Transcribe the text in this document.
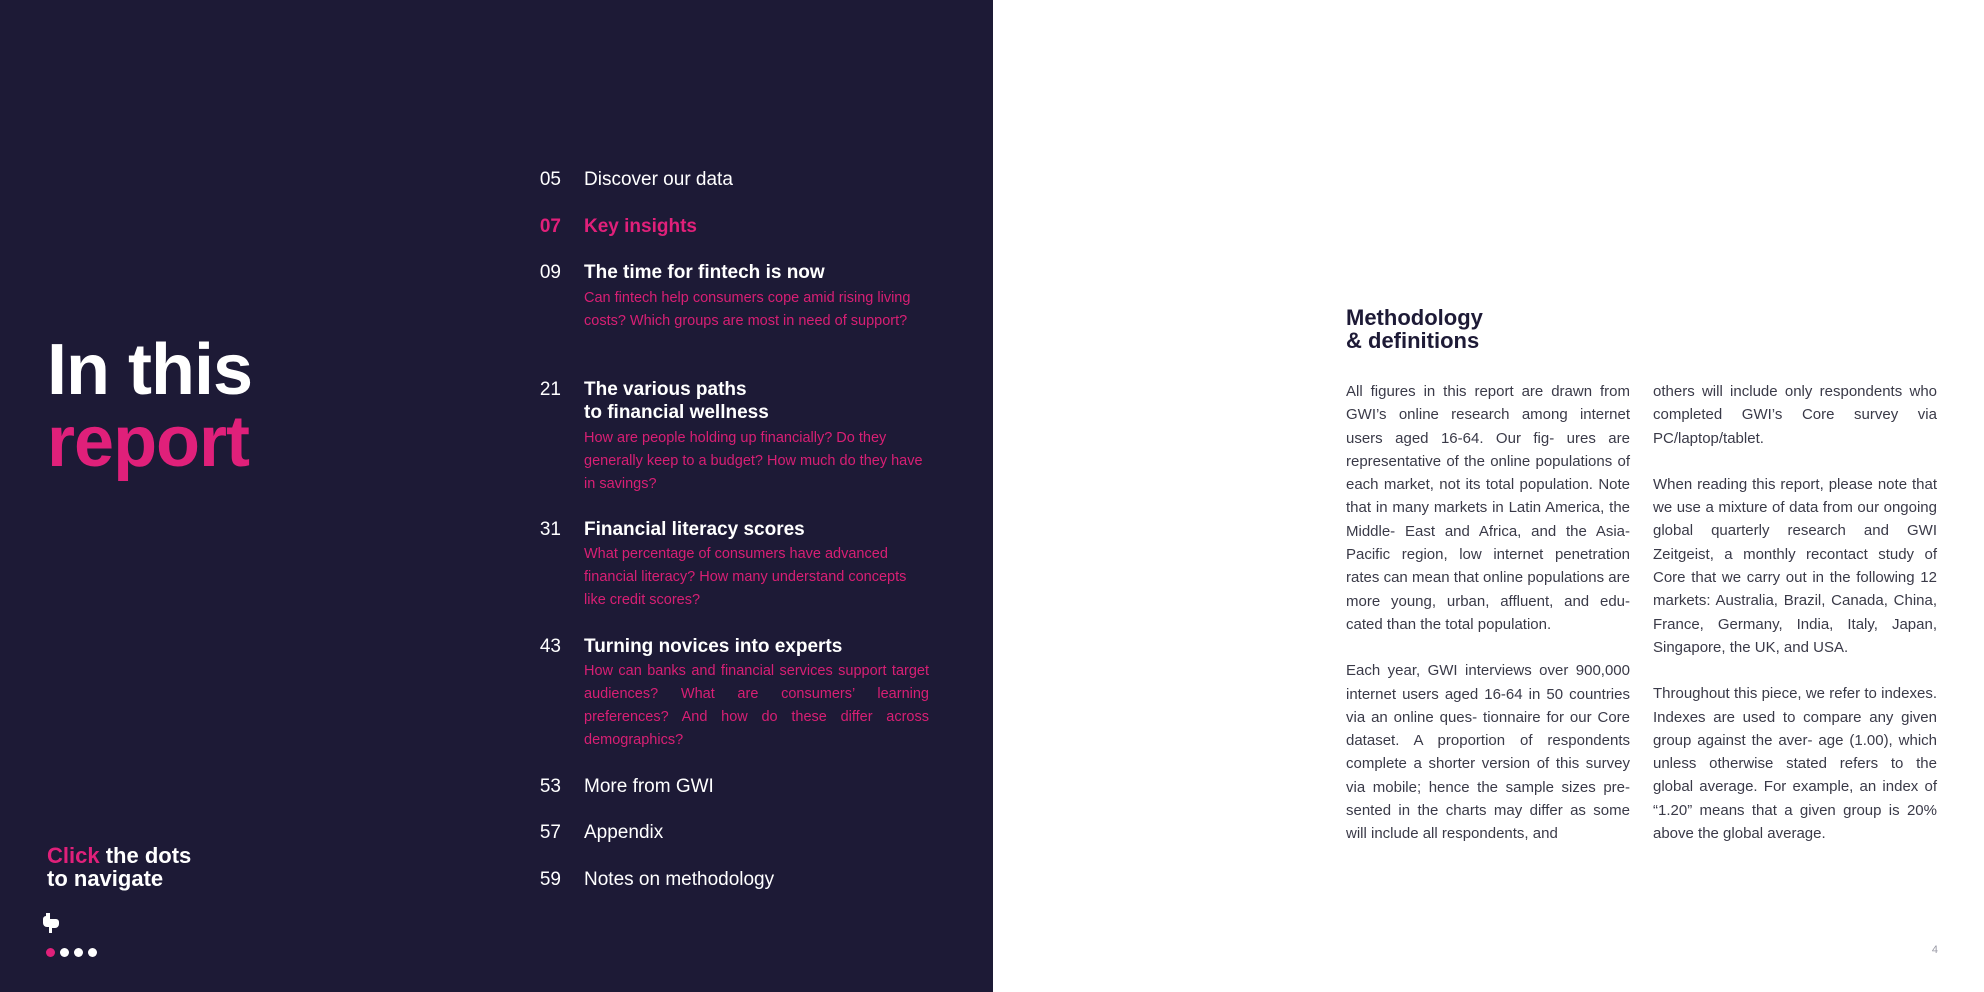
In this
report
Click the dots
to navigate
05 Discover our data
07 Key insights
09 The time for fintech is now
Can fintech help consumers cope amid rising living costs? Which groups are most in need of support?
21 The various paths
to financial wellness
How are people holding up financially? Do they generally keep to a budget? How much do they have in savings?
31 Financial literacy scores
What percentage of consumers have advanced financial literacy? How many understand concepts like credit scores?
43 Turning novices into experts
How can banks and financial services support target audiences? What are consumers’ learning preferences? And how do these differ across demographics?
53 More from GWI
57 Appendix
59 Notes on methodology
Methodology
& definitions

All figures in this report are drawn from GWI’s online research among internet users aged 16-64. Our fig- ures are representative of the online populations of each market, not its total population. Note that in many markets in Latin America, the Middle- East and Africa, and the Asia-Pacific region, low internet penetration rates can mean that online populations are more young, urban, affluent, and edu- cated than the total population.

Each year, GWI interviews over 900,000 internet users aged 16-64 in 50 countries via an online ques- tionnaire for our Core dataset. A proportion of respondents complete a shorter version of this survey via mobile; hence the sample sizes pre- sented in the charts may differ as some will include all respondents, and

others will include only respondents who completed GWI’s Core survey via PC/laptop/tablet.

When reading this report, please note that we use a mixture of data from our ongoing global quarterly research and GWI Zeitgeist, a monthly recontact study of Core that we carry out in the following 12 markets: Australia, Brazil, Canada, China, France, Germany, India, Italy, Japan, Singapore, the UK, and USA.

Throughout this piece, we refer to indexes. Indexes are used to compare any given group against the aver- age (1.00), which unless otherwise stated refers to the global average. For example, an index of “1.20” means that a given group is 20% above the global average.

4
